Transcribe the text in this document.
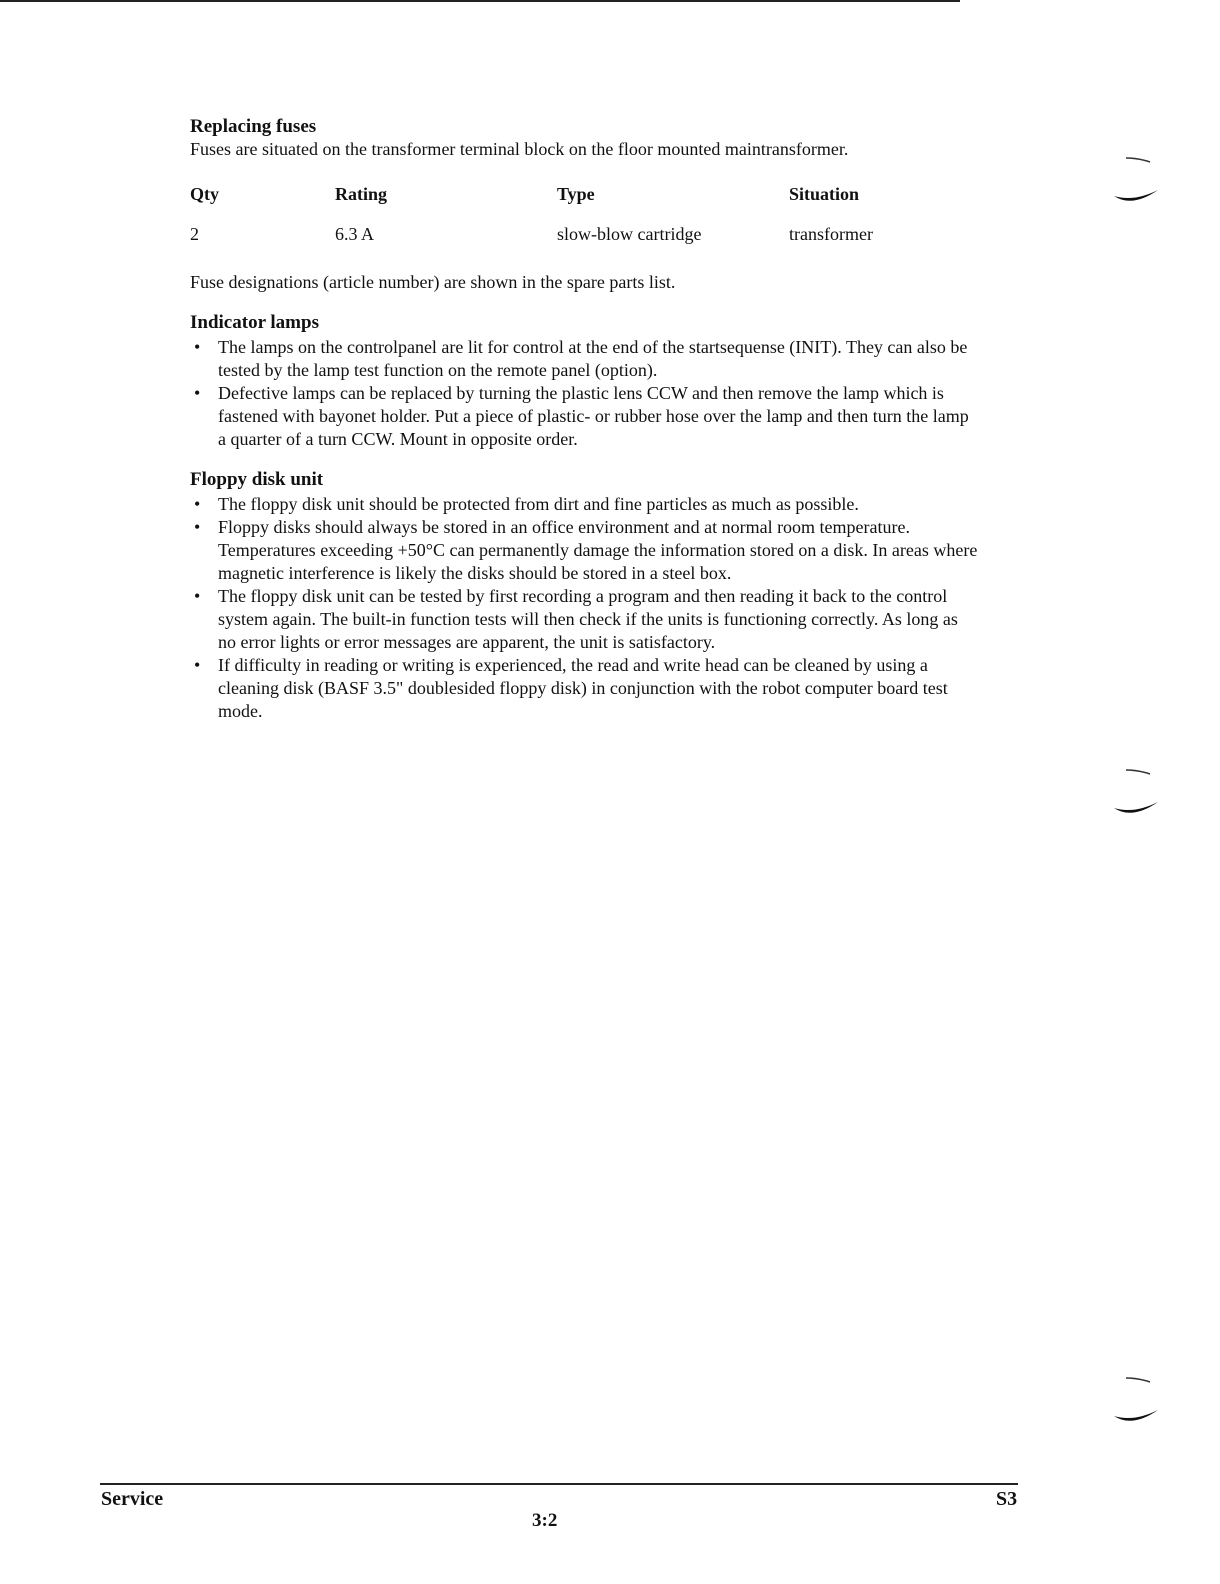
Replacing fuses

Fuses are situated on the transformer terminal block on the floor mounted maintransformer.

Qty	Rating	Type	Situation
2	6.3 A	slow-blow cartridge	transformer

Fuse designations (article number) are shown in the spare parts list.

Indicator lamps
• The lamps on the controlpanel are lit for control at the end of the startsequense (INIT). They can also be tested by the lamp test function on the remote panel (option).
• Defective lamps can be replaced by turning the plastic lens CCW and then remove the lamp which is fastened with bayonet holder. Put a piece of plastic- or rubber hose over the lamp and then turn the lamp a quarter of a turn CCW. Mount in opposite order.
Floppy disk unit
• The floppy disk unit should be protected from dirt and fine particles as much as possible.
• Floppy disks should always be stored in an office environment and at normal room temperature. Temperatures exceeding +50°C can permanently damage the information stored on a disk. In areas where magnetic interference is likely the disks should be stored in a steel box.
• The floppy disk unit can be tested by first recording a program and then reading it back to the control system again. The built-in function tests will then check if the units is functioning correctly. As long as no error lights or error messages are apparent, the unit is satisfactory.
• If difficulty in reading or writing is experienced, the read and write head can be cleaned by using a cleaning disk (BASF 3.5" doublesided floppy disk) in conjunction with the robot computer board test mode.
Service	S3
3:2
